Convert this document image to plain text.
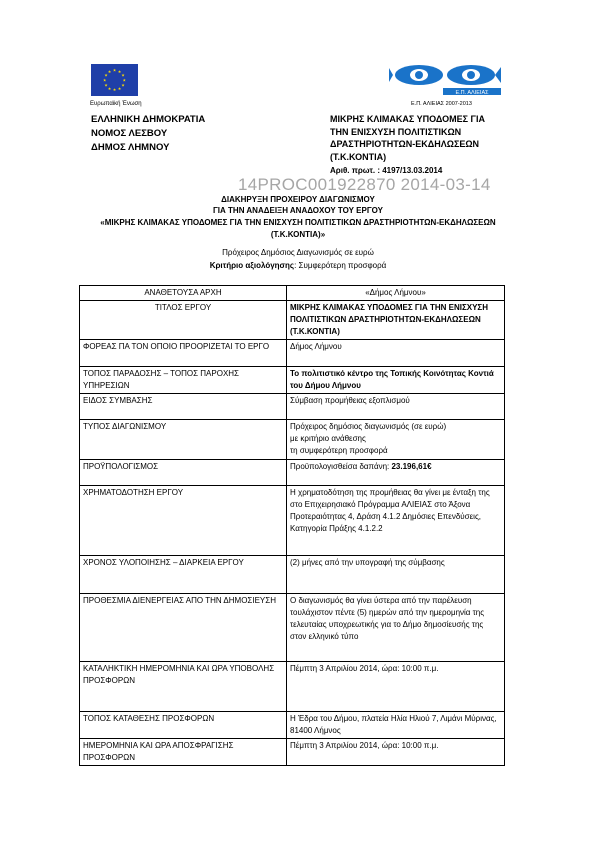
★ ★
★
★
★
★
★
★
★
★
★
★
Ευρωπαϊκή Ένωση
ΕΛΛΗΝΙΚΗ ΔΗΜΟΚΡΑΤΙΑ
ΝΟΜΟΣ ΛΕΣΒΟΥ
ΔΗΜΟΣ ΛΗΜΝΟΥ
Ε.Π. ΑΛΙΕΙΑΣ
Ε.Π. ΑΛΙΕΙΑΣ 2007-2013
ΜΙΚΡΗΣ ΚΛΙΜΑΚΑΣ ΥΠΟΔΟΜΕΣ ΓΙΑ
ΤΗΝ ΕΝΙΣΧΥΣΗ ΠΟΛΙΤΙΣΤΙΚΩΝ
ΔΡΑΣΤΗΡΙΟΤΗΤΩΝ-ΕΚΔΗΛΩΣΕΩΝ
(Τ.Κ.ΚΟΝΤΙΑ)
Αριθ. πρωτ. : 4197/13.03.2014
14PROC001922870 2014-03-14
ΔΙΑΚΗΡΥΞΗ ΠΡΟΧΕΙΡΟΥ ΔΙΑΓΩΝΙΣΜΟΥ
ΓΙΑ ΤΗΝ ΑΝΑΔΕΙΞΗ ΑΝΑΔΟΧΟΥ ΤΟΥ ΕΡΓΟΥ
«ΜΙΚΡΗΣ ΚΛΙΜΑΚΑΣ ΥΠΟΔΟΜΕΣ ΓΙΑ ΤΗΝ ΕΝΙΣΧΥΣΗ ΠΟΛΙΤΙΣΤΙΚΩΝ ΔΡΑΣΤΗΡΙΟΤΗΤΩΝ-ΕΚΔΗΛΩΣΕΩΝ (Τ.Κ.ΚΟΝΤΙΑ)»
Πρόχειρος Δημόσιος Διαγωνισμός σε ευρώ
Κριτήριο αξιολόγησης: Συμφερότερη προσφορά
ΑΝΑΘΕΤΟΥΣΑ ΑΡΧΗ	«Δήμος Λήμνου»
ΤΙΤΛΟΣ ΕΡΓΟΥ	ΜΙΚΡΗΣ ΚΛΙΜΑΚΑΣ ΥΠΟΔΟΜΕΣ ΓΙΑ ΤΗΝ ΕΝΙΣΧΥΣΗ ΠΟΛΙΤΙΣΤΙΚΩΝ ΔΡΑΣΤΗΡΙΟΤΗΤΩΝ-ΕΚΔΗΛΩΣΕΩΝ (Τ.Κ.ΚΟΝΤΙΑ)
ΦΟΡΕΑΣ ΠΑ ΤΟΝ ΟΠΟΙΟ ΠΡΟΟΡΙΖΕΤΑΙ ΤΟ ΕΡΓΟ	Δήμος Λήμνου
ΤΟΠΟΣ ΠΑΡΑΔΟΣΗΣ – ΤΟΠΟΣ ΠΑΡΟΧΗΣ ΥΠΗΡΕΣΙΩΝ	Το πολιτιστικό κέντρο της Τοπικής Κοινότητας Κοντιά του Δήμου Λήμνου
ΕΙΔΟΣ ΣΥΜΒΑΣΗΣ	Σύμβαση προμήθειας εξοπλισμού
ΤΥΠΟΣ ΔΙΑΓΩΝΙΣΜΟΥ	Πρόχειρος δημόσιος διαγωνισμός (σε ευρώ)
με κριτήριο ανάθεσης
τη συμφερότερη προσφορά

ΠΡΟΫΠΟΛΟΓΙΣΜΟΣ	Προϋπολογισθείσα δαπάνη: 23.196,61€
ΧΡΗΜΑΤΟΔΟΤΗΣΗ ΕΡΓΟΥ	Η χρηματοδότηση της προμήθειας θα γίνει με ένταξη της στο Επιχειρησιακό Πρόγραμμα ΑΛΙΕΙΑΣ στο Άξονα Προτεραιότητας 4, Δράση 4.1.2 Δημόσιες Επενδύσεις, Κατηγορία Πράξης 4.1.2.2
ΧΡΟΝΟΣ ΥΛΟΠΟΙΗΣΗΣ – ΔΙΑΡΚΕΙΑ ΕΡΓΟΥ	(2) μήνες από την υπογραφή της σύμβασης
ΠΡΟΘΕΣΜΙΑ ΔΙΕΝΕΡΓΕΙΑΣ ΑΠΟ ΤΗΝ ΔΗΜΟΣΙΕΥΣΗ	Ο διαγωνισμός θα γίνει ύστερα από την παρέλευση τουλάχιστον πέντε (5) ημερών από την ημερομηνία της τελευταίας υποχρεωτικής για το Δήμο δημοσίευσής της στον ελληνικό τύπο
ΚΑΤΑΛΗΚΤΙΚΗ ΗΜΕΡΟΜΗΝΙΑ ΚΑΙ ΩΡΑ ΥΠΟΒΟΛΗΣ ΠΡΟΣΦΟΡΩΝ	Πέμπτη 3 Απριλίου 2014, ώρα: 10:00 π.μ.
ΤΟΠΟΣ ΚΑΤΑΘΕΣΗΣ ΠΡΟΣΦΟΡΩΝ	Η Έδρα του Δήμου, πλατεία Ηλία Ηλιού 7, Λιμάνι Μύρινας, 81400 Λήμνος
ΗΜΕΡΟΜΗΝΙΑ ΚΑΙ ΩΡΑ ΑΠΟΣΦΡΑΓΙΣΗΣ ΠΡΟΣΦΟΡΩΝ	Πέμπτη 3 Απριλίου 2014, ώρα: 10:00 π.μ.
